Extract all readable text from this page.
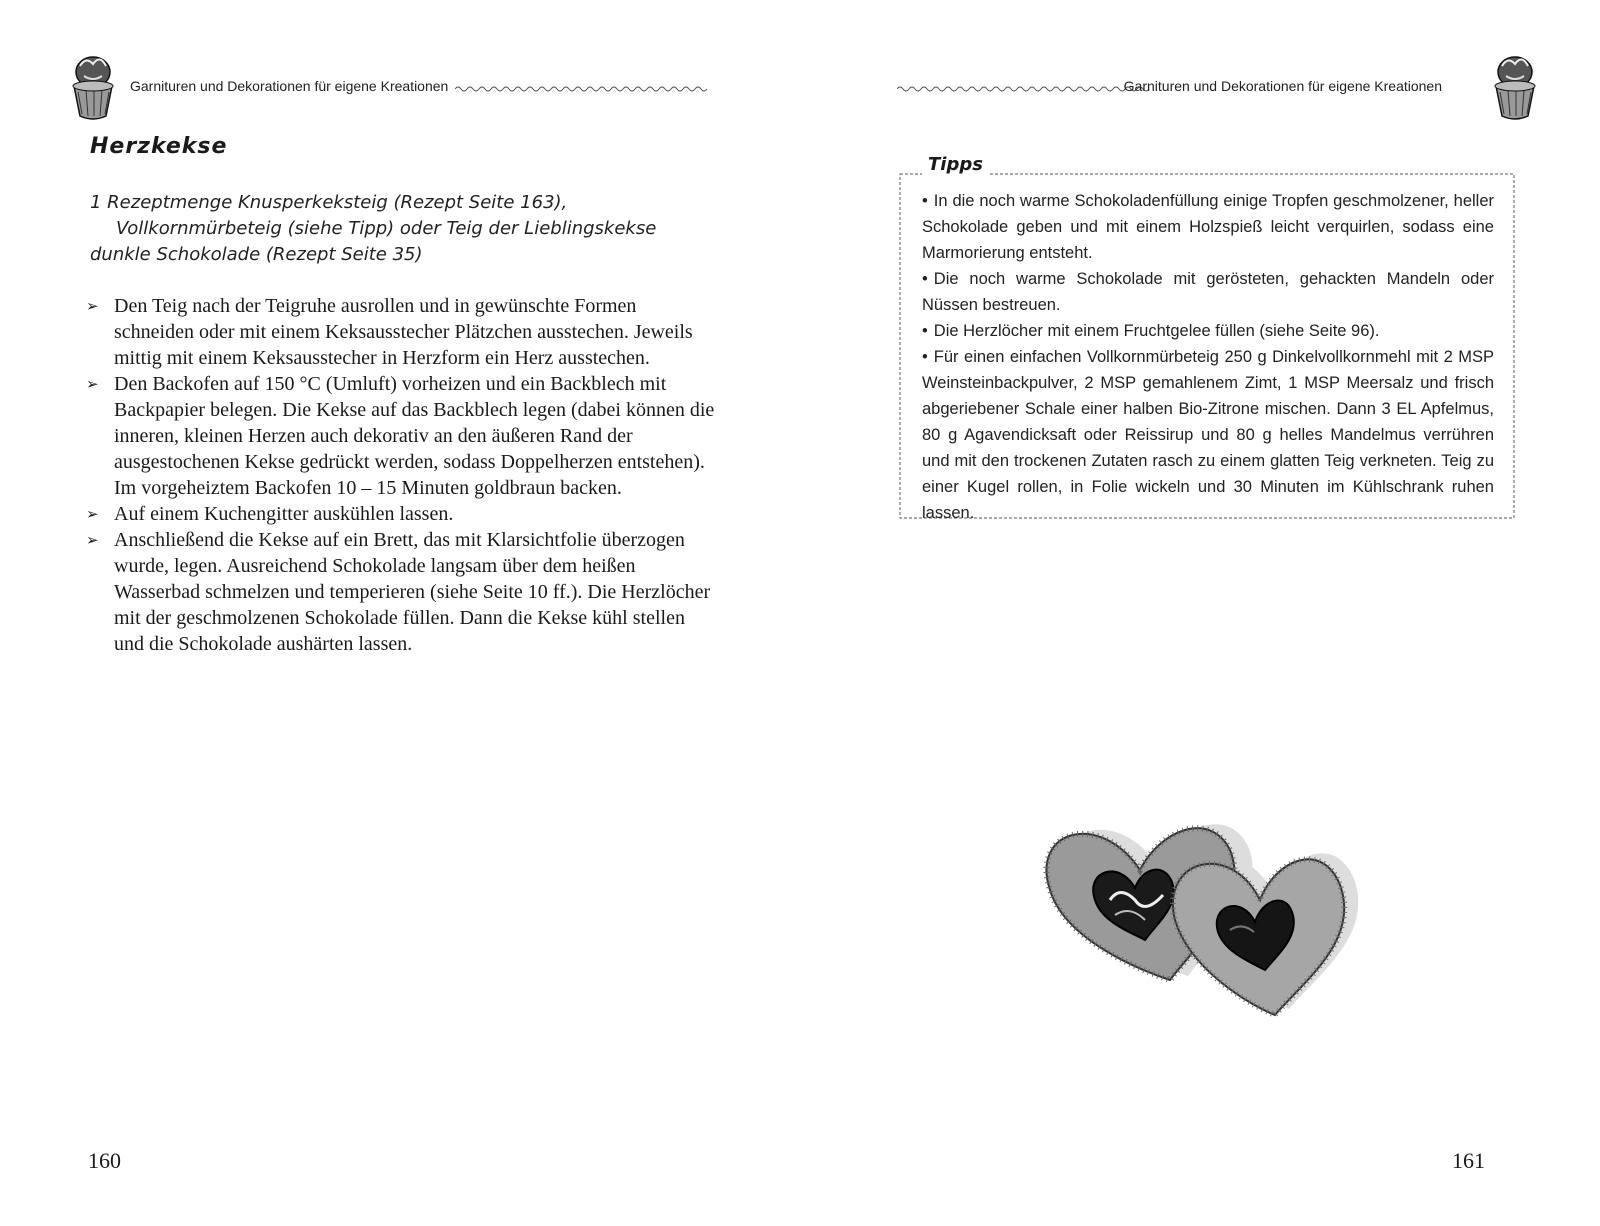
Garnituren und Dekorationen für eigene Kreationen
Herzkekse
1 Rezeptmenge Knusperkeksteig (Rezept Seite 163),
Vollkornmürbeteig (siehe Tipp) oder Teig der Lieblingskekse
dunkle Schokolade (Rezept Seite 35)
➢ Den Teig nach der Teigruhe ausrollen und in gewünschte Formen schneiden oder mit einem Keksausstecher Plätzchen ausstechen. Jeweils mittig mit einem Keksausstecher in Herzform ein Herz ausstechen.
➢ Den Backofen auf 150 °C (Umluft) vorheizen und ein Backblech mit Backpapier belegen. Die Kekse auf das Backblech legen (dabei können die inneren, kleinen Herzen auch dekorativ an den äußeren Rand der ausgestochenen Kekse gedrückt werden, sodass Doppelherzen entstehen). Im vorgeheiztem Backofen 10 – 15 Minuten goldbraun backen.
➢ Auf einem Kuchengitter auskühlen lassen.
➢ Anschließend die Kekse auf ein Brett, das mit Klarsichtfolie überzogen wurde, legen. Ausreichend Schokolade langsam über dem heißen Wasserbad schmelzen und temperieren (siehe Seite 10 ff.). Die Herzlöcher mit der geschmolzenen Schokolade füllen. Dann die Kekse kühl stellen und die Schokolade aushärten lassen.
160
Garnituren und Dekorationen für eigene Kreationen
Tipps
• In die noch warme Schokoladenfüllung einige Tropfen geschmolzener, heller Schokolade geben und mit einem Holzspieß leicht verquirlen, sodass eine Marmorierung entsteht.
• Die noch warme Schokolade mit gerösteten, gehackten Mandeln oder Nüssen bestreuen.
• Die Herzlöcher mit einem Fruchtgelee füllen (siehe Seite 96).
• Für einen einfachen Vollkornmürbeteig 250 g Dinkelvollkornmehl mit 2 MSP Weinsteinbackpulver, 2 MSP gemahlenem Zimt, 1 MSP Meersalz und frisch abgeriebener Schale einer halben Bio-Zitrone mischen. Dann 3 EL Apfelmus, 80 g Agavendicksaft oder Reissirup und 80 g helles Mandelmus verrühren und mit den trockenen Zutaten rasch zu einem glatten Teig verkneten. Teig zu einer Kugel rollen, in Folie wickeln und 30 Minuten im Kühlschrank ruhen lassen.
161
